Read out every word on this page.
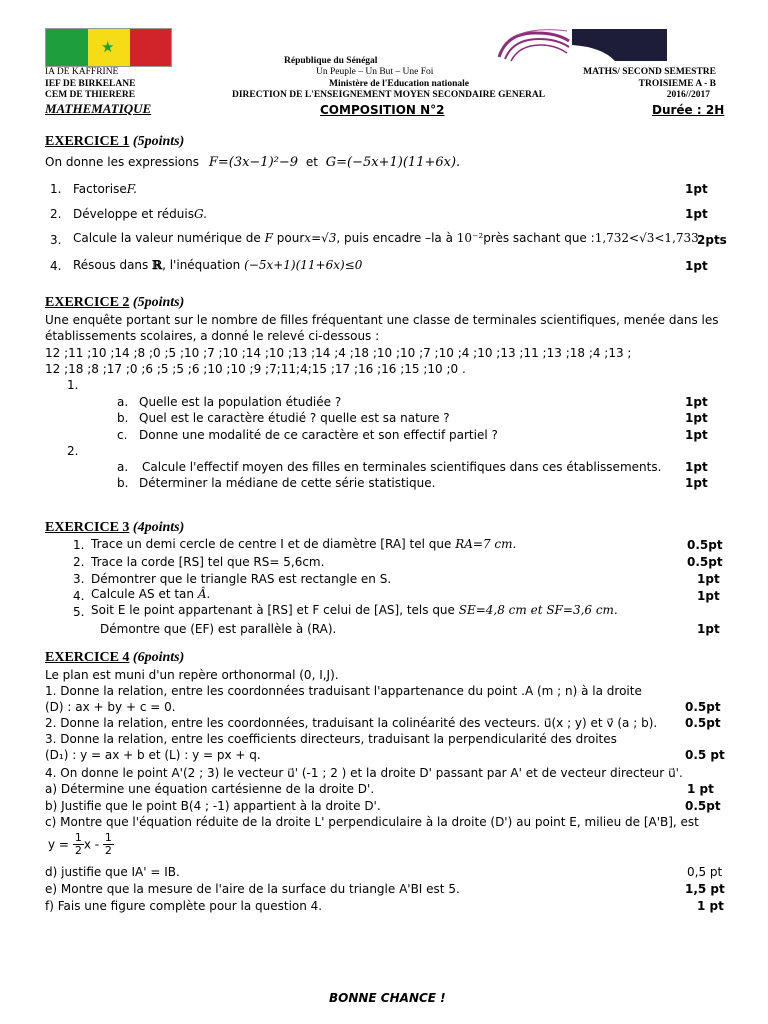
★
IA DE KAFFRINE
IEF DE BIRKELANE
CEM DE THIERERE
République du Sénégal
Un Peuple – Un But – Une Foi
Ministère de l'Education nationale
DIRECTION DE L'ENSEIGNEMENT MOYEN SECONDAIRE GENERAL
MATHS/ SECOND SEMESTRE
TROISIEME A - B
2016//2017
MATHEMATIQUE	COMPOSITION N°2	Durée : 2H
EXERCICE 1 (5points)
On donne les expressions F=(3x−1)²−9 et G=(−5x+1)(11+6x).
1. FactoriseF.	1pt
2. Développe et réduisG.	1pt
3. Calcule la valeur numérique de F pourx=√3, puis encadre –la à 10⁻²près sachant que :1,732<√3<1,733.
2pts
4. Résous dans ℝ, l'inéquation (−5x+1)(11+6x)≤0	1pt
EXERCICE 2 (5points)
Une enquête portant sur le nombre de filles fréquentant une classe de terminales scientifiques, menée dans les
établissements scolaires, a donné le relevé ci-dessous :
12 ;11 ;10 ;14 ;8 ;0 ;5 ;10 ;7 ;10 ;14 ;10 ;13 ;14 ;4 ;18 ;10 ;10 ;7 ;10 ;4 ;10 ;13 ;11 ;13 ;18 ;4 ;13 ;
12 ;18 ;8 ;17 ;0 ;6 ;5 ;5 ;6 ;10 ;10 ;9 ;7;11;4;15 ;17 ;16 ;16 ;15 ;10 ;0 .
1.
a. Quelle est la population étudiée ?	1pt
b. Quel est le caractère étudié ? quelle est sa nature ?	1pt
c. Donne une modalité de ce caractère et son effectif partiel ?	1pt
2.
a. Calcule l'effectif moyen des filles en terminales scientifiques dans ces établissements. 1pt
b. Déterminer la médiane de cette série statistique.	1pt
EXERCICE 3 (4points)
1. Trace un demi cercle de centre I et de diamètre [RA] tel que RA=7 cm.	0.5pt
2. Trace la corde [RS] tel que RS= 5,6cm.	0.5pt
3. Démontrer que le triangle RAS est rectangle en S.	1pt
4. Calcule AS et tan Â.	1pt
5. Soit E le point appartenant à [RS] et F celui de [AS], tels que SE=4,8 cm et SF=3,6 cm.
Démontre que (EF) est parallèle à (RA).	1pt
EXERCICE 4 (6points)
Le plan est muni d'un repère orthonormal (0, I,J).
1. Donne la relation, entre les coordonnées traduisant l'appartenance du point .A (m ; n) à la droite
(D) : ax + by + c = 0.	0.5pt
2. Donne la relation, entre les coordonnées, traduisant la colinéarité des vecteurs. u⃗(x ; y) et v⃗ (a ; b). 0.5pt
3. Donne la relation, entre les coefficients directeurs, traduisant la perpendicularité des droites
(D₁) : y = ax + b et (L) : y = px + q.	0.5 pt
4. On donne le point A'(2 ; 3) le vecteur u⃗' (-1 ; 2 ) et la droite D' passant par A' et de vecteur directeur u⃗'.
a) Détermine une équation cartésienne de la droite D'.	1 pt
b) Justifie que le point B(4 ; -1) appartient à la droite D'.	0.5pt
c) Montre que l'équation réduite de la droite L' perpendiculaire à la droite (D') au point E, milieu de [A'B], est
$y = \frac{1}{2}$ x - $\frac{1}{2}$
d) justifie que IA' = IB.	0,5 pt
e) Montre que la mesure de l'aire de la surface du triangle A'BI est 5.	1,5 pt
f) Fais une figure complète pour la question 4.	1 pt
BONNE CHANCE !
